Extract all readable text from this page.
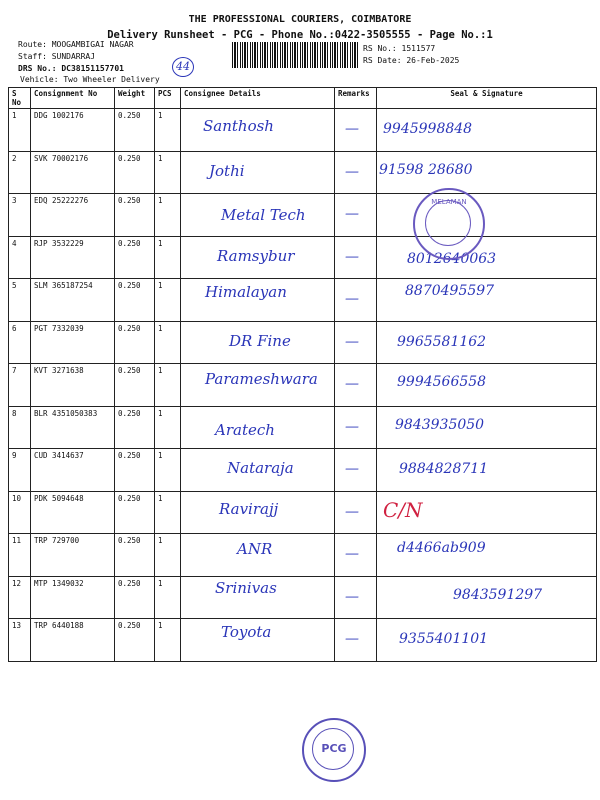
THE PROFESSIONAL COURIERS, COIMBATORE
Delivery Runsheet - PCG - Phone No.:0422-3505555 - Page No.:1
Route: MOOGAMBIGAI NAGAR
Staff: SUNDARRAJ
DRS No.: DC38151157701
Vehicle: Two Wheeler Delivery
RS No.: 1511577
RS Date: 26-Feb-2025
44
S No	Consignment No	Weight	PCS	Consignee Details	Remarks	Seal & Signature
1	DDG 1002176	0.250	1	Santhosh	—	9945998848

2	SVK 70002176	0.250	1	Jothi	—	91598 28680

3	EDQ 25222276	0.250	1	Metal Tech	—	

4	RJP 3532229	0.250	1	Ramsybur	—	8012640063

5	SLM 365187254	0.250	1	Himalayan	—	8870495597

6	PGT 7332039	0.250	1	DR Fine	—	9965581162

7	KVT 3271638	0.250	1	Parameshwara	—	9994566558

8	BLR 4351050383	0.250	1	Aratech	—	9843935050

9	CUD 3414637	0.250	1	Nataraja	—	9884828711

10	PDK 5094648	0.250	1	Ravirajj	—	C/N

11	TRP 729700	0.250	1	ANR	—	d4466ab909

12	MTP 1349032	0.250	1	Srinivas	—	9843591297

13	TRP 6440188	0.250	1	Toyota	—	9355401101
MELAMAN
PCG
